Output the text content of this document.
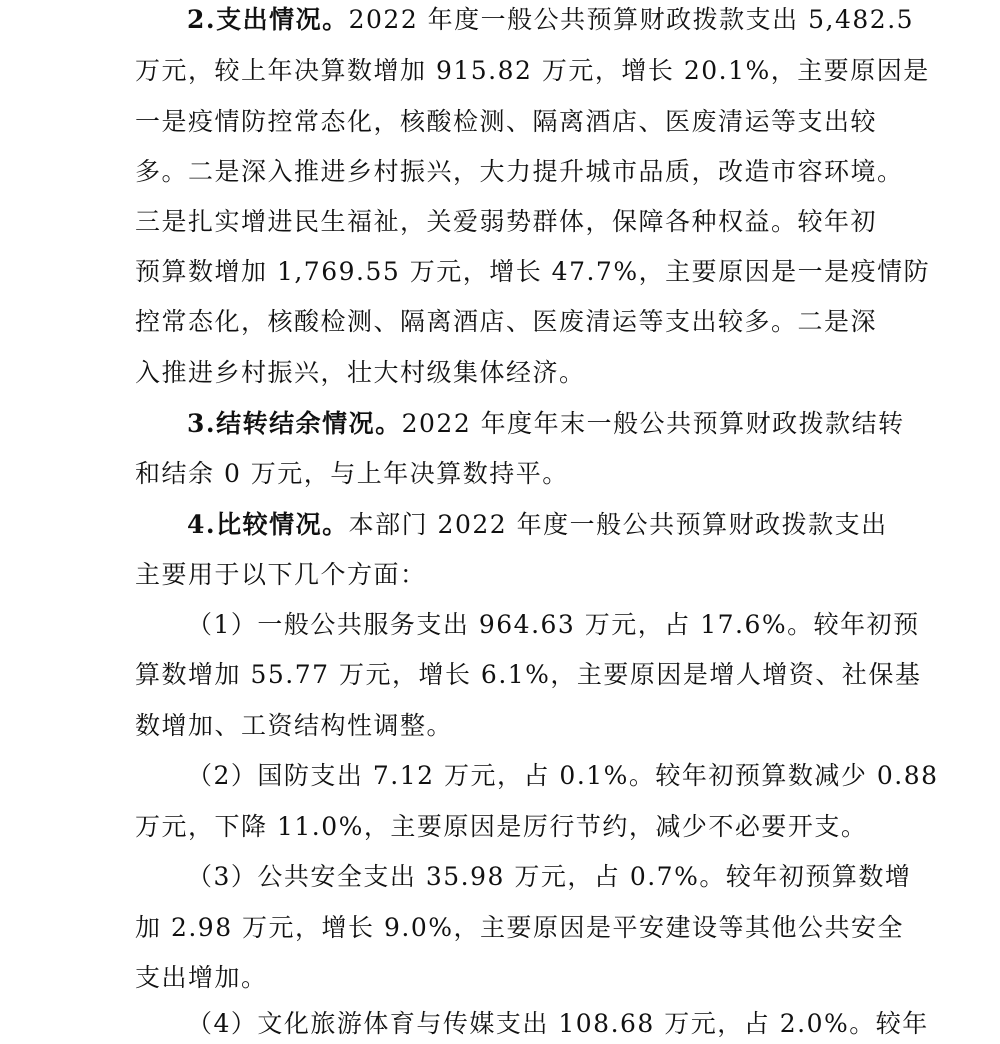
2.支出情况。2022 年度一般公共预算财政拨款支出 5,482.5
万元，较上年决算数增加 915.82 万元，增长 20.1%，主要原因是
一是疫情防控常态化，核酸检测、隔离酒店、医废清运等支出较
多。二是深入推进乡村振兴，大力提升城市品质，改造市容环境。
三是扎实增进民生福祉，关爱弱势群体，保障各种权益。较年初
预算数增加 1,769.55 万元，增长 47.7%，主要原因是一是疫情防
控常态化，核酸检测、隔离酒店、医废清运等支出较多。二是深
入推进乡村振兴，壮大村级集体经济。
3.结转结余情况。2022 年度年末一般公共预算财政拨款结转
和结余 0 万元，与上年决算数持平。
4.比较情况。本部门 2022 年度一般公共预算财政拨款支出
主要用于以下几个方面：
（1）一般公共服务支出 964.63 万元，占 17.6%。较年初预
算数增加 55.77 万元，增长 6.1%，主要原因是增人增资、社保基
数增加、工资结构性调整。
（2）国防支出 7.12 万元，占 0.1%。较年初预算数减少 0.88
万元，下降 11.0%，主要原因是厉行节约，减少不必要开支。
（3）公共安全支出 35.98 万元，占 0.7%。较年初预算数增
加 2.98 万元，增长 9.0%，主要原因是平安建设等其他公共安全
支出增加。
（4）文化旅游体育与传媒支出 108.68 万元，占 2.0%。较年
